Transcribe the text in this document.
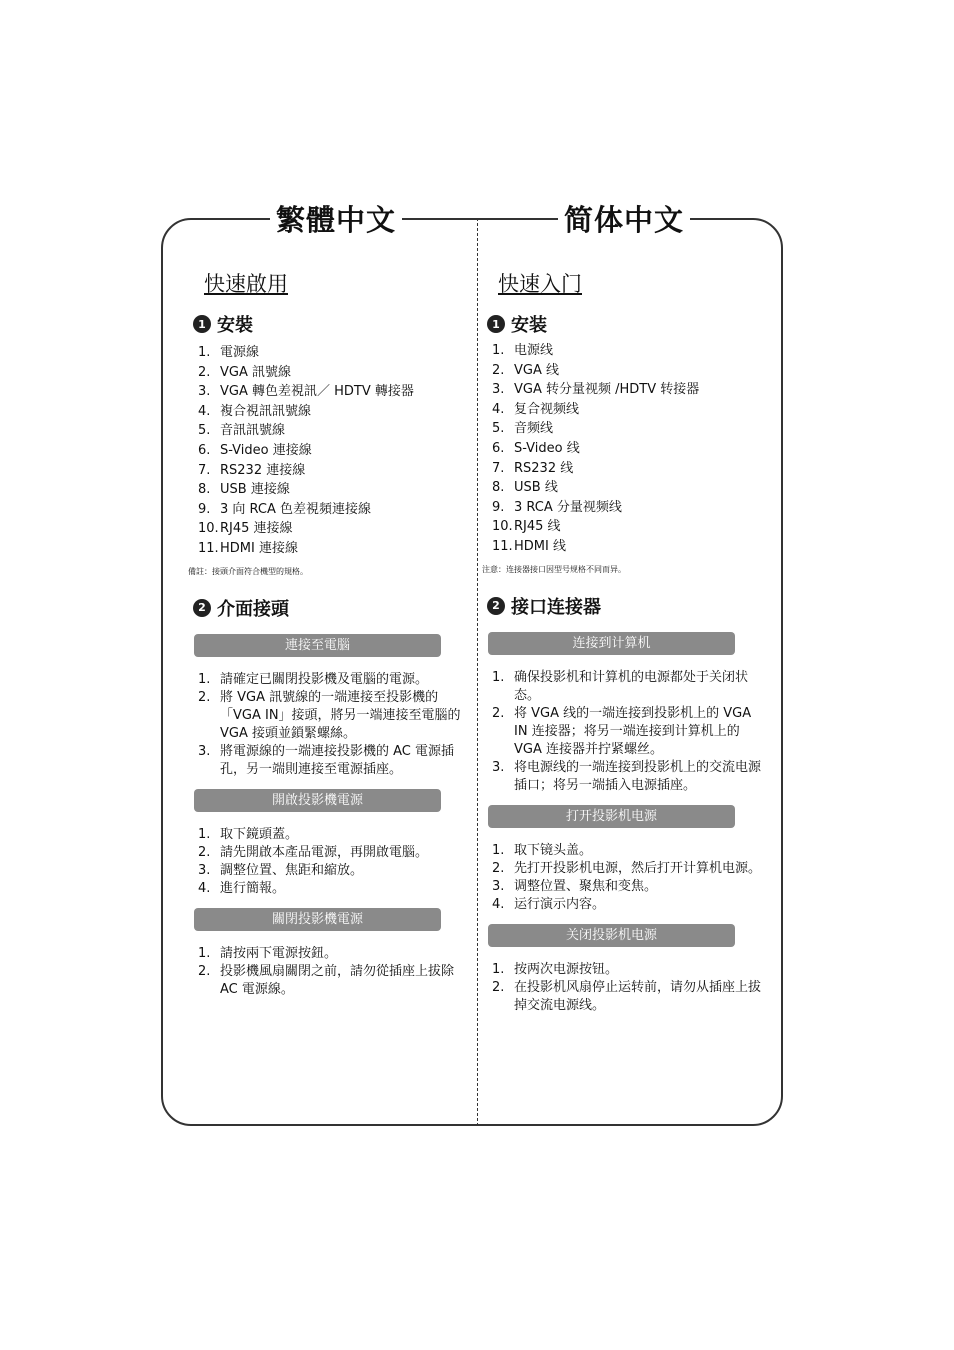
繁體中文	简体中文
快速啟用
1 安裝
1. 電源線
2. VGA 訊號線
3. VGA 轉色差視訊／ HDTV 轉接器
4. 複合視訊訊號線
5. 音訊訊號線
6. S-Video 連接線
7. RS232 連接線
8. USB 連接線
9. 3 向 RCA 色差視頻連接線
10. RJ45 連接線
11. HDMI 連接線
備註：接頭介面符合機型的規格。
2 介面接頭
連接至電腦
1. 請確定已關閉投影機及電腦的電源。
2. 將 VGA 訊號線的一端連接至投影機的「VGA IN」接頭，將另一端連接至電腦的 VGA 接頭並鎖緊螺絲。
3. 將電源線的一端連接投影機的 AC 電源插孔，另一端則連接至電源插座。
開啟投影機電源
1. 取下鏡頭蓋。
2. 請先開啟本產品電源，再開啟電腦。
3. 調整位置、焦距和縮放。
4. 進行簡報。
關閉投影機電源
1. 請按兩下電源按鈕。
2. 投影機風扇關閉之前，請勿從插座上拔除 AC 電源線。
快速入门
1 安装
1. 电源线
2. VGA 线
3. VGA 转分量视频 /HDTV 转接器
4. 复合视频线
5. 音频线
6. S-Video 线
7. RS232 线
8. USB 线
9. 3 RCA 分量视频线
10. RJ45 线
11. HDMI 线
注意：连接器接口因型号规格不同而异。
2 接口连接器
连接到计算机
1. 确保投影机和计算机的电源都处于关闭状态。
2. 将 VGA 线的一端连接到投影机上的 VGA IN 连接器；将另一端连接到计算机上的 VGA 连接器并拧紧螺丝。
3. 将电源线的一端连接到投影机上的交流电源插口；将另一端插入电源插座。
打开投影机电源
1. 取下镜头盖。
2. 先打开投影机电源，然后打开计算机电源。
3. 调整位置、聚焦和变焦。
4. 运行演示内容。
关闭投影机电源
1. 按两次电源按钮。
2. 在投影机风扇停止运转前，请勿从插座上拔掉交流电源线。
